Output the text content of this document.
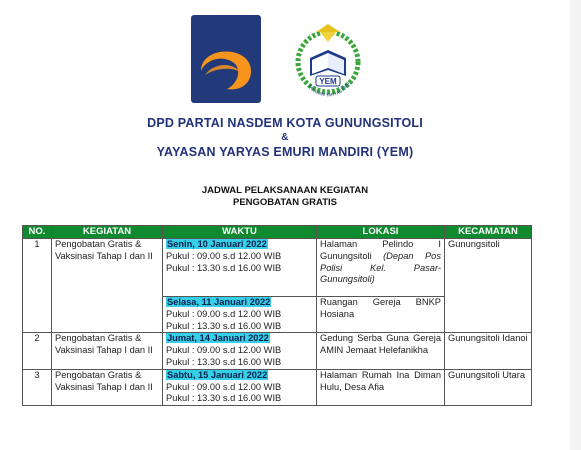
YEM
YAYASAN YARYAS EMU
DPD PARTAI NASDEM KOTA GUNUNGSITOLI
&
YAYASAN YARYAS EMURI MANDIRI (YEM)
JADWAL PELAKSANAAN KEGIATAN
PENGOBATAN GRATIS
NO.	KEGIATAN	WAKTU	LOKASI	KECAMATAN
1	Pengobatan Gratis & Vaksinasi Tahap I dan II	Senin, 10 Januari 2022
Pukul : 09.00 s.d 12.00 WIB
Pukul : 13.30 s.d 16.00 WIB	Halaman Pelindo I Gunungsitoli (Depan Pos Polisi Kel. Pasar-Gunungsitoli)	Gunungsitoli
		Selasa, 11 Januari 2022
Pukul : 09.00 s.d 12.00 WIB
Pukul : 13.30 s.d 16.00 WIB	Ruangan Gereja BNKP Hosiana	
2	Pengobatan Gratis & Vaksinasi Tahap I dan II	Jumat, 14 Januari 2022
Pukul : 09.00 s.d 12.00 WIB
Pukul : 13.30 s.d 16.00 WIB	Gedung Serba Guna Gereja AMIN Jemaat Helefanikha	Gunungsitoli Idanoi
3	Pengobatan Gratis & Vaksinasi Tahap I dan II	Sabtu, 15 Januari 2022
Pukul : 09.00 s.d 12.00 WIB
Pukul : 13.30 s.d 16.00 WIB	Halaman Rumah Ina Diman Hulu, Desa Afia	Gunungsitoli Utara
